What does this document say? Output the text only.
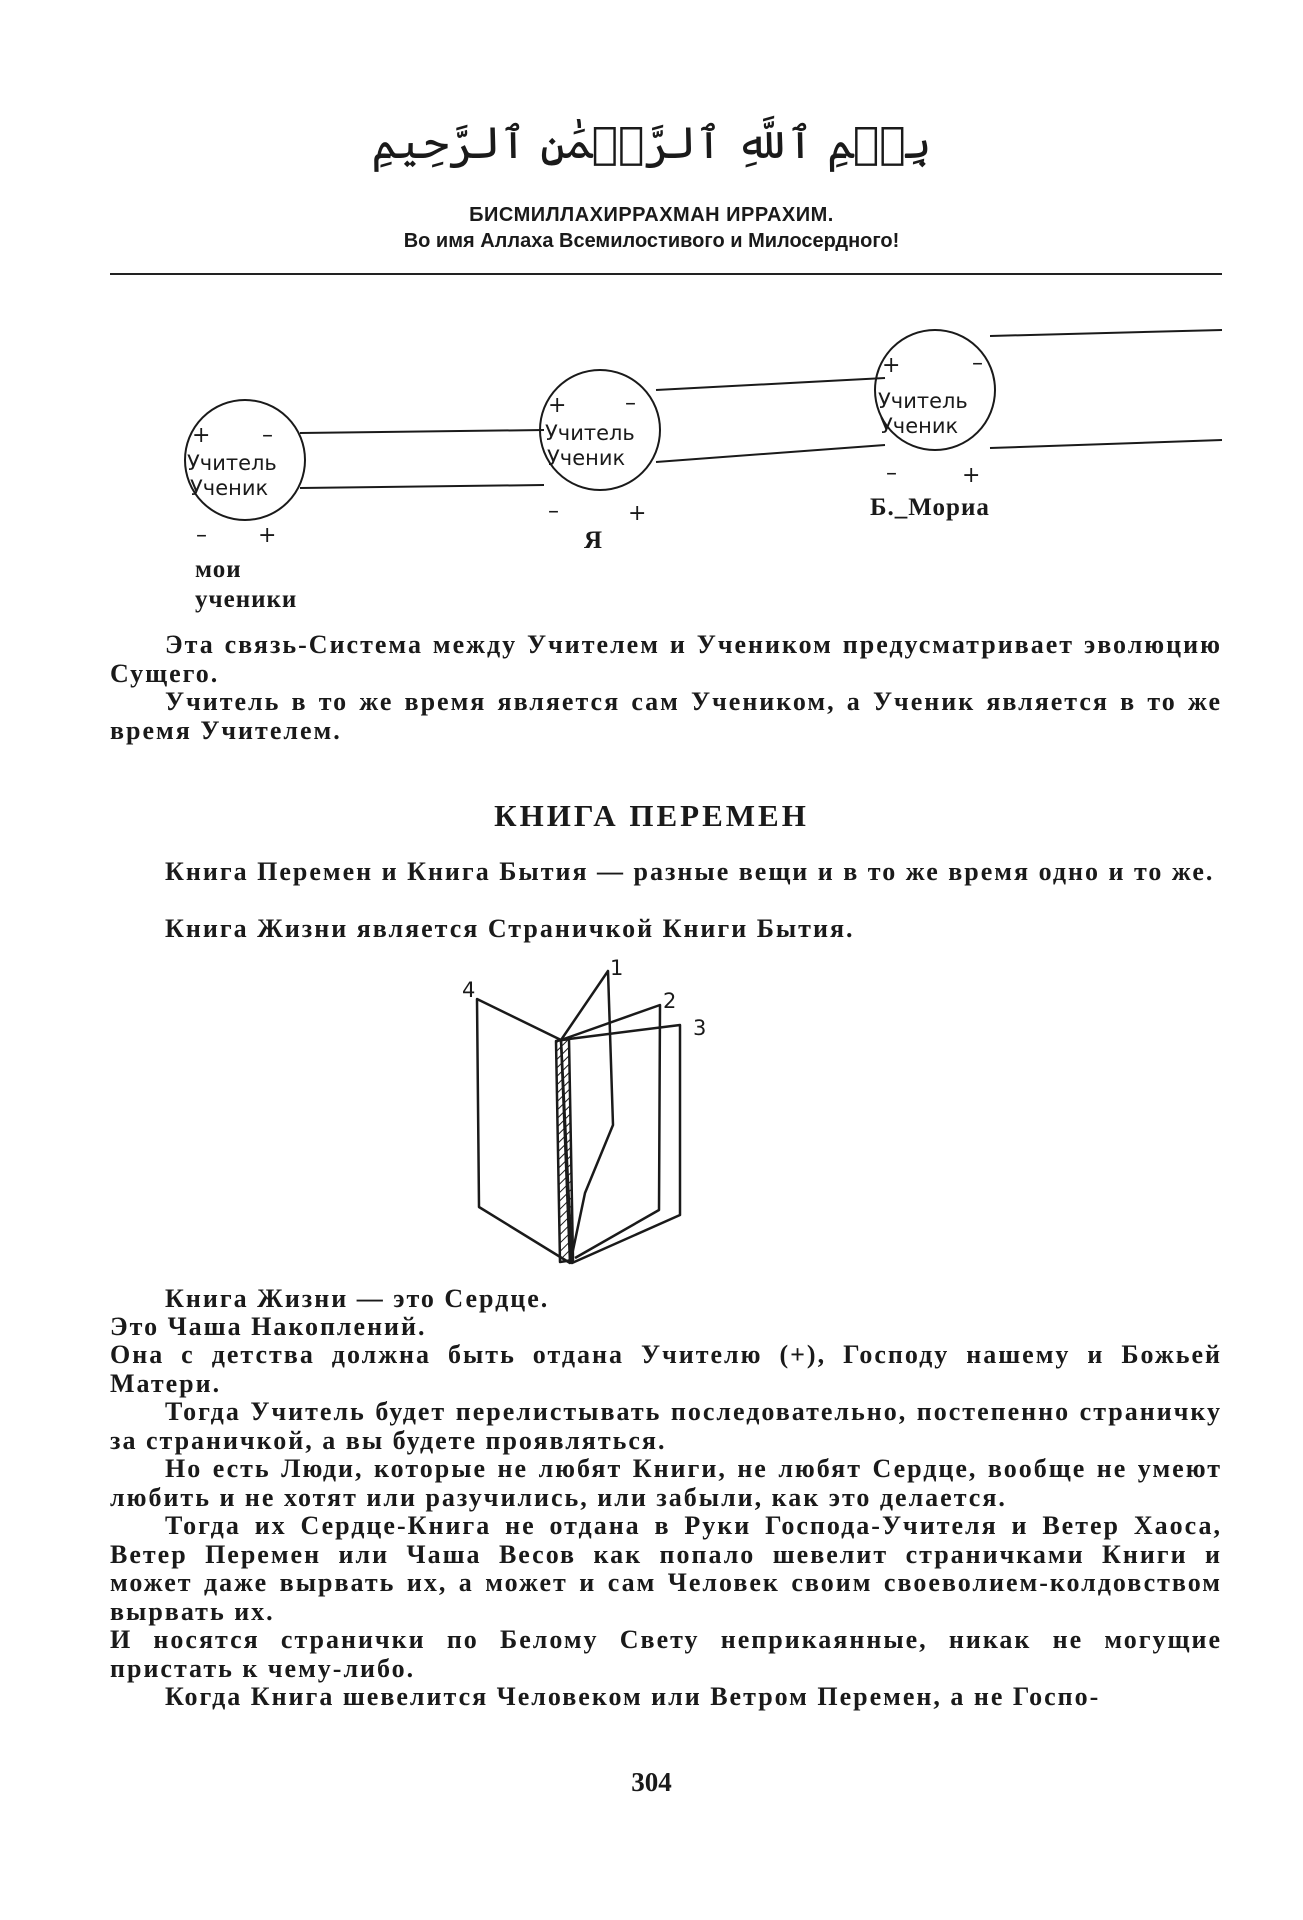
بِسۡمِ ٱللَّهِ ٱلرَّحۡمَٰنِ ٱلرَّحِيمِ
БИСМИЛЛАХИРРАХМАН ИРРАХИМ.
Во имя Аллаха Всемилостивого и Милосердного!
+ –
Учитель
Ученик
– +
+	–
Учитель
Ученик
–	+
+	–
Учитель
Ученик
–	+
мои
ученики
Я
Б._Мориа

Эта связь-Система между Учителем и Учеником предусматривает эволюцию Сущего.

Учитель в то же время является сам Учеником, а Ученик является в то же время Учителем.

КНИГА ПЕРЕМЕН

Книга Перемен и Книга Бытия — разные вещи и в то же время одно и то же.

Книга Жизни является Страничкой Книги Бытия.

4
1
2
3

Книга Жизни — это Сердце.

Это Чаша Накоплений.

Она с детства должна быть отдана Учителю (+), Господу нашему и Божьей Матери.

Тогда Учитель будет перелистывать последовательно, постепенно страничку за страничкой, а вы будете проявляться.

Но есть Люди, которые не любят Книги, не любят Сердце, вообще не умеют любить и не хотят или разучились, или забыли, как это делается.

Тогда их Сердце-Книга не отдана в Руки Господа-Учителя и Ветер Хаоса, Ветер Перемен или Чаша Весов как попало шевелит страничками Книги и может даже вырвать их, а может и сам Человек своим своеволием-колдовством вырвать их.

И носятся странички по Белому Свету неприкаянные, никак не могущие пристать к чему-либо.

Когда Книга шевелится Человеком или Ветром Перемен, а не Госпо-

304
